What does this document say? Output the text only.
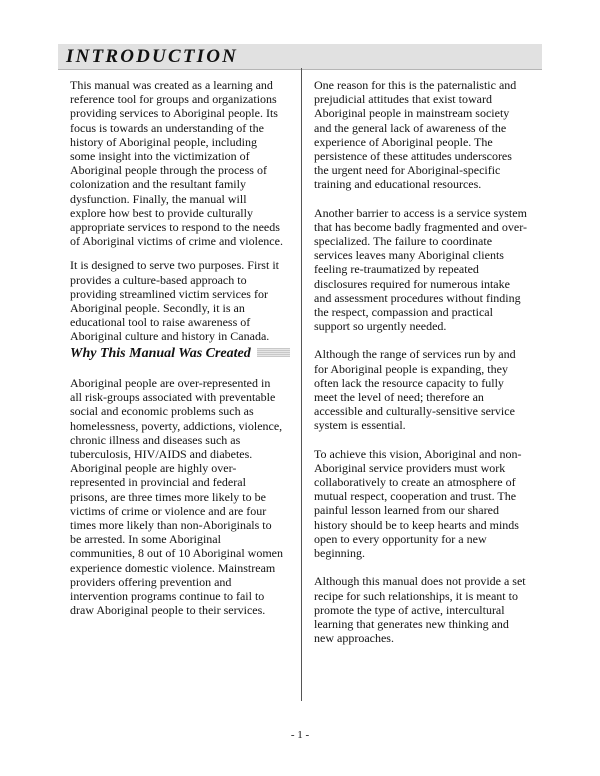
INTRODUCTION

This manual was created as a learning and reference tool for groups and organizations providing services to Aboriginal people. Its focus is towards an understanding of the history of Aboriginal people, including some insight into the victimization of Aboriginal people through the process of colonization and the resultant family dysfunction. Finally, the manual will explore how best to provide culturally appropriate services to respond to the needs of Aboriginal victims of crime and violence.

It is designed to serve two purposes. First it provides a culture-based approach to providing streamlined victim services for Aboriginal people. Secondly, it is an educational tool to raise awareness of Aboriginal culture and history in Canada.

Why This Manual Was Created

Aboriginal people are over-represented in all risk-groups associated with preventable social and economic problems such as homelessness, poverty, addictions, violence, chronic illness and diseases such as tuberculosis, HIV/AIDS and diabetes. Aboriginal people are highly over-represented in provincial and federal prisons, are three times more likely to be victims of crime or violence and are four times more likely than non-Aboriginals to be arrested. In some Aboriginal communities, 8 out of 10 Aboriginal women experience domestic violence. Mainstream providers offering prevention and intervention programs continue to fail to draw Aboriginal people to their services.

One reason for this is the paternalistic and prejudicial attitudes that exist toward Aboriginal people in mainstream society and the general lack of awareness of the experience of Aboriginal people. The persistence of these attitudes underscores the urgent need for Aboriginal-specific training and educational resources.

Another barrier to access is a service system that has become badly fragmented and over-specialized. The failure to coordinate services leaves many Aboriginal clients feeling re-traumatized by repeated disclosures required for numerous intake and assessment procedures without finding the respect, compassion and practical support so urgently needed.

Although the range of services run by and for Aboriginal people is expanding, they often lack the resource capacity to fully meet the level of need; therefore an accessible and culturally-sensitive service system is essential.

To achieve this vision, Aboriginal and non-Aboriginal service providers must work collaboratively to create an atmosphere of mutual respect, cooperation and trust. The painful lesson learned from our shared history should be to keep hearts and minds open to every opportunity for a new beginning.

Although this manual does not provide a set recipe for such relationships, it is meant to promote the type of active, intercultural learning that generates new thinking and new approaches.

- 1 -
